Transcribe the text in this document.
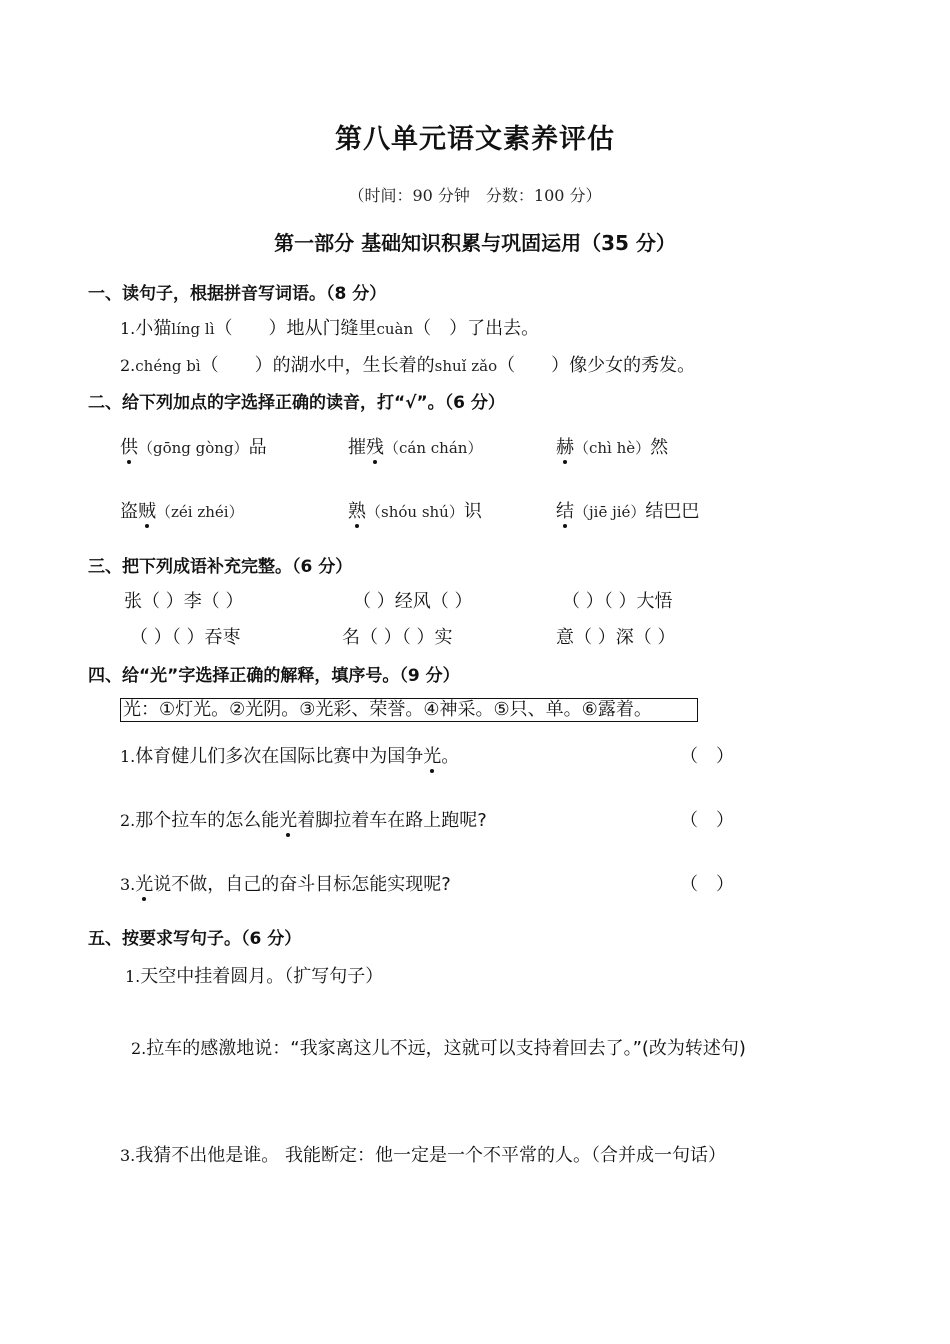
第八单元语文素养评估
（时间：90 分钟　分数：100 分）
第一部分 基础知识积累与巩固运用（35 分）
一、读句子，根据拼音写词语。（8 分）
1.小猫líng lì（　　）地从门缝里cuàn（　）了出去。
2.chéng bì（　　）的湖水中，生长着的shuǐ zǎo（　　）像少女的秀发。
二、给下列加点的字选择正确的读音，打“√”。（6 分）
供（gōng gòng）品	摧残（cán chán）	赫（chì hè）然
盗贼（zéi zhéi）	熟（shóu shú）识	结（jiē jié）结巴巴
三、把下列成语补充完整。（6 分）
张（ ）李（ ）	（ ）经风（ ）	（ ）（ ）大悟
（ ）（ ）吞枣	名（ ）（ ）实	意（ ）深（ ）
四、给“光”字选择正确的解释，填序号。（9 分）
光：①灯光。②光阴。③光彩、荣誉。④神采。⑤只、单。⑥露着。
1.体育健儿们多次在国际比赛中为国争光。	（　）
2.那个拉车的怎么能光着脚拉着车在路上跑呢?	（　）
3.光说不做，自己的奋斗目标怎能实现呢?	（　）
五、按要求写句子。（6 分）
1.天空中挂着圆月。（扩写句子）
2.拉车的感激地说：“我家离这儿不远，这就可以支持着回去了。”(改为转述句)
3.我猜不出他是谁。 我能断定：他一定是一个不平常的人。（合并成一句话）
